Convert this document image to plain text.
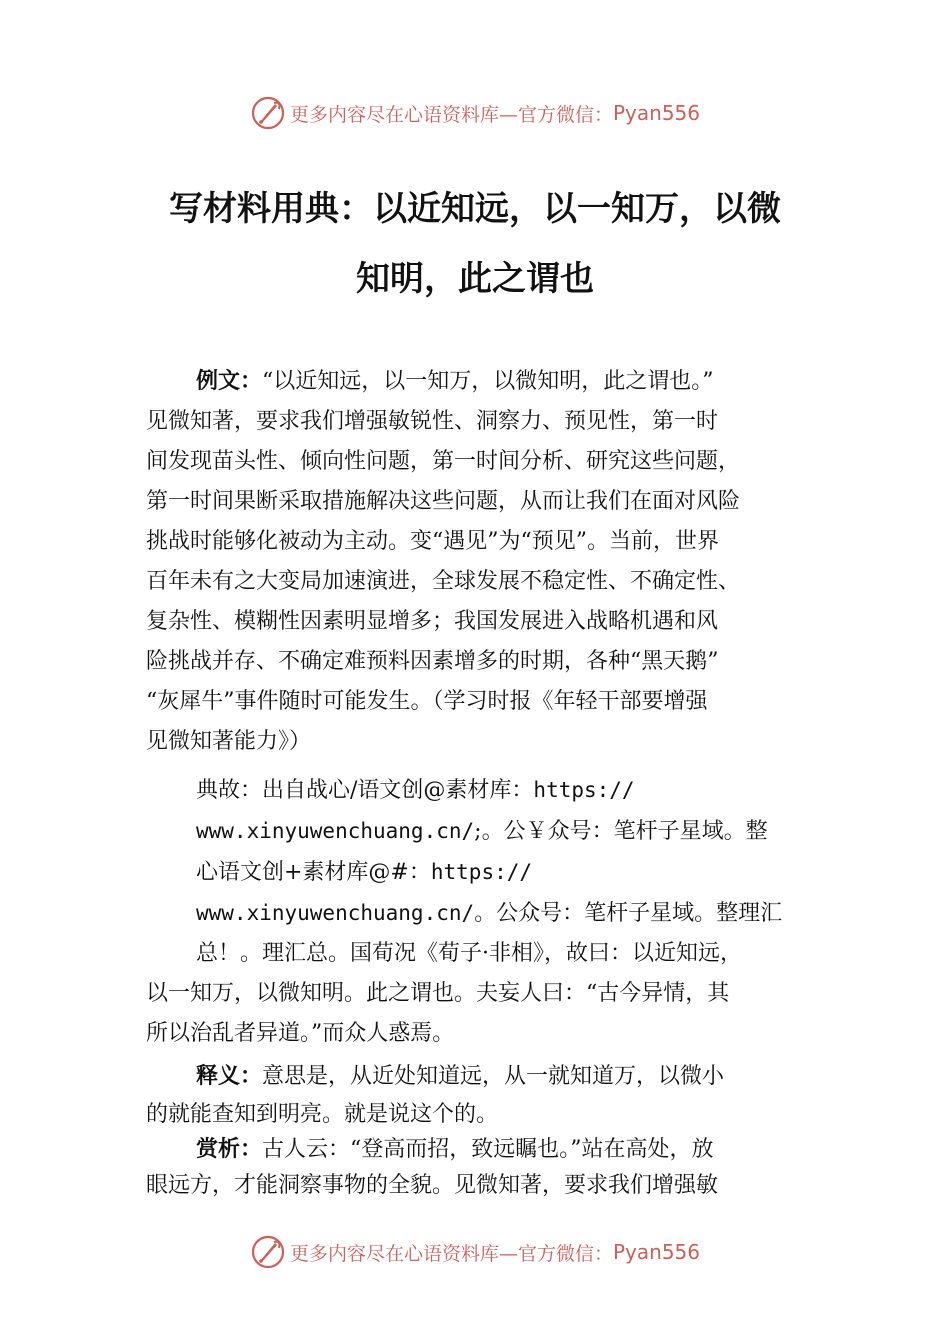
更多内容尽在心语资料库—官方微信： Pyan556
写材料用典：以近知远，以一知万，以微
知明，此之谓也
例文：“以近知远，以一知万，以微知明，此之谓也。”
见微知著，要求我们增强敏锐性、洞察力、预见性，第一时
间发现苗头性、倾向性问题，第一时间分析、研究这些问题，
第一时间果断采取措施解决这些问题，从而让我们在面对风险
挑战时能够化被动为主动。变“遇见”为“预见”。当前，世界
百年未有之大变局加速演进，全球发展不稳定性、不确定性、
复杂性、模糊性因素明显增多；我国发展进入战略机遇和风
险挑战并存、不确定难预料因素增多的时期，各种“黑天鹅”
“灰犀牛”事件随时可能发生。（学习时报《年轻干部要增强
见微知著能力》）
典故：出自战心/语文创@素材库：https://
www.xinyuwenchuang.cn/;。公￥众号：笔杆子星域。整
心语文创+素材库@#：https://
www.xinyuwenchuang.cn/。公众号：笔杆子星域。整理汇
总！。理汇总。国荀况《荀子·非相》，故曰：以近知远，
以一知万，以微知明。此之谓也。夫妄人曰：“古今异情，其
所以治乱者异道。”而众人惑焉。
释义：意思是，从近处知道远，从一就知道万，以微小
的就能查知到明亮。就是说这个的。
赏析：古人云：“登高而招，致远瞩也。”站在高处，放
眼远方，才能洞察事物的全貌。见微知著，要求我们增强敏
更多内容尽在心语资料库—官方微信： Pyan556
